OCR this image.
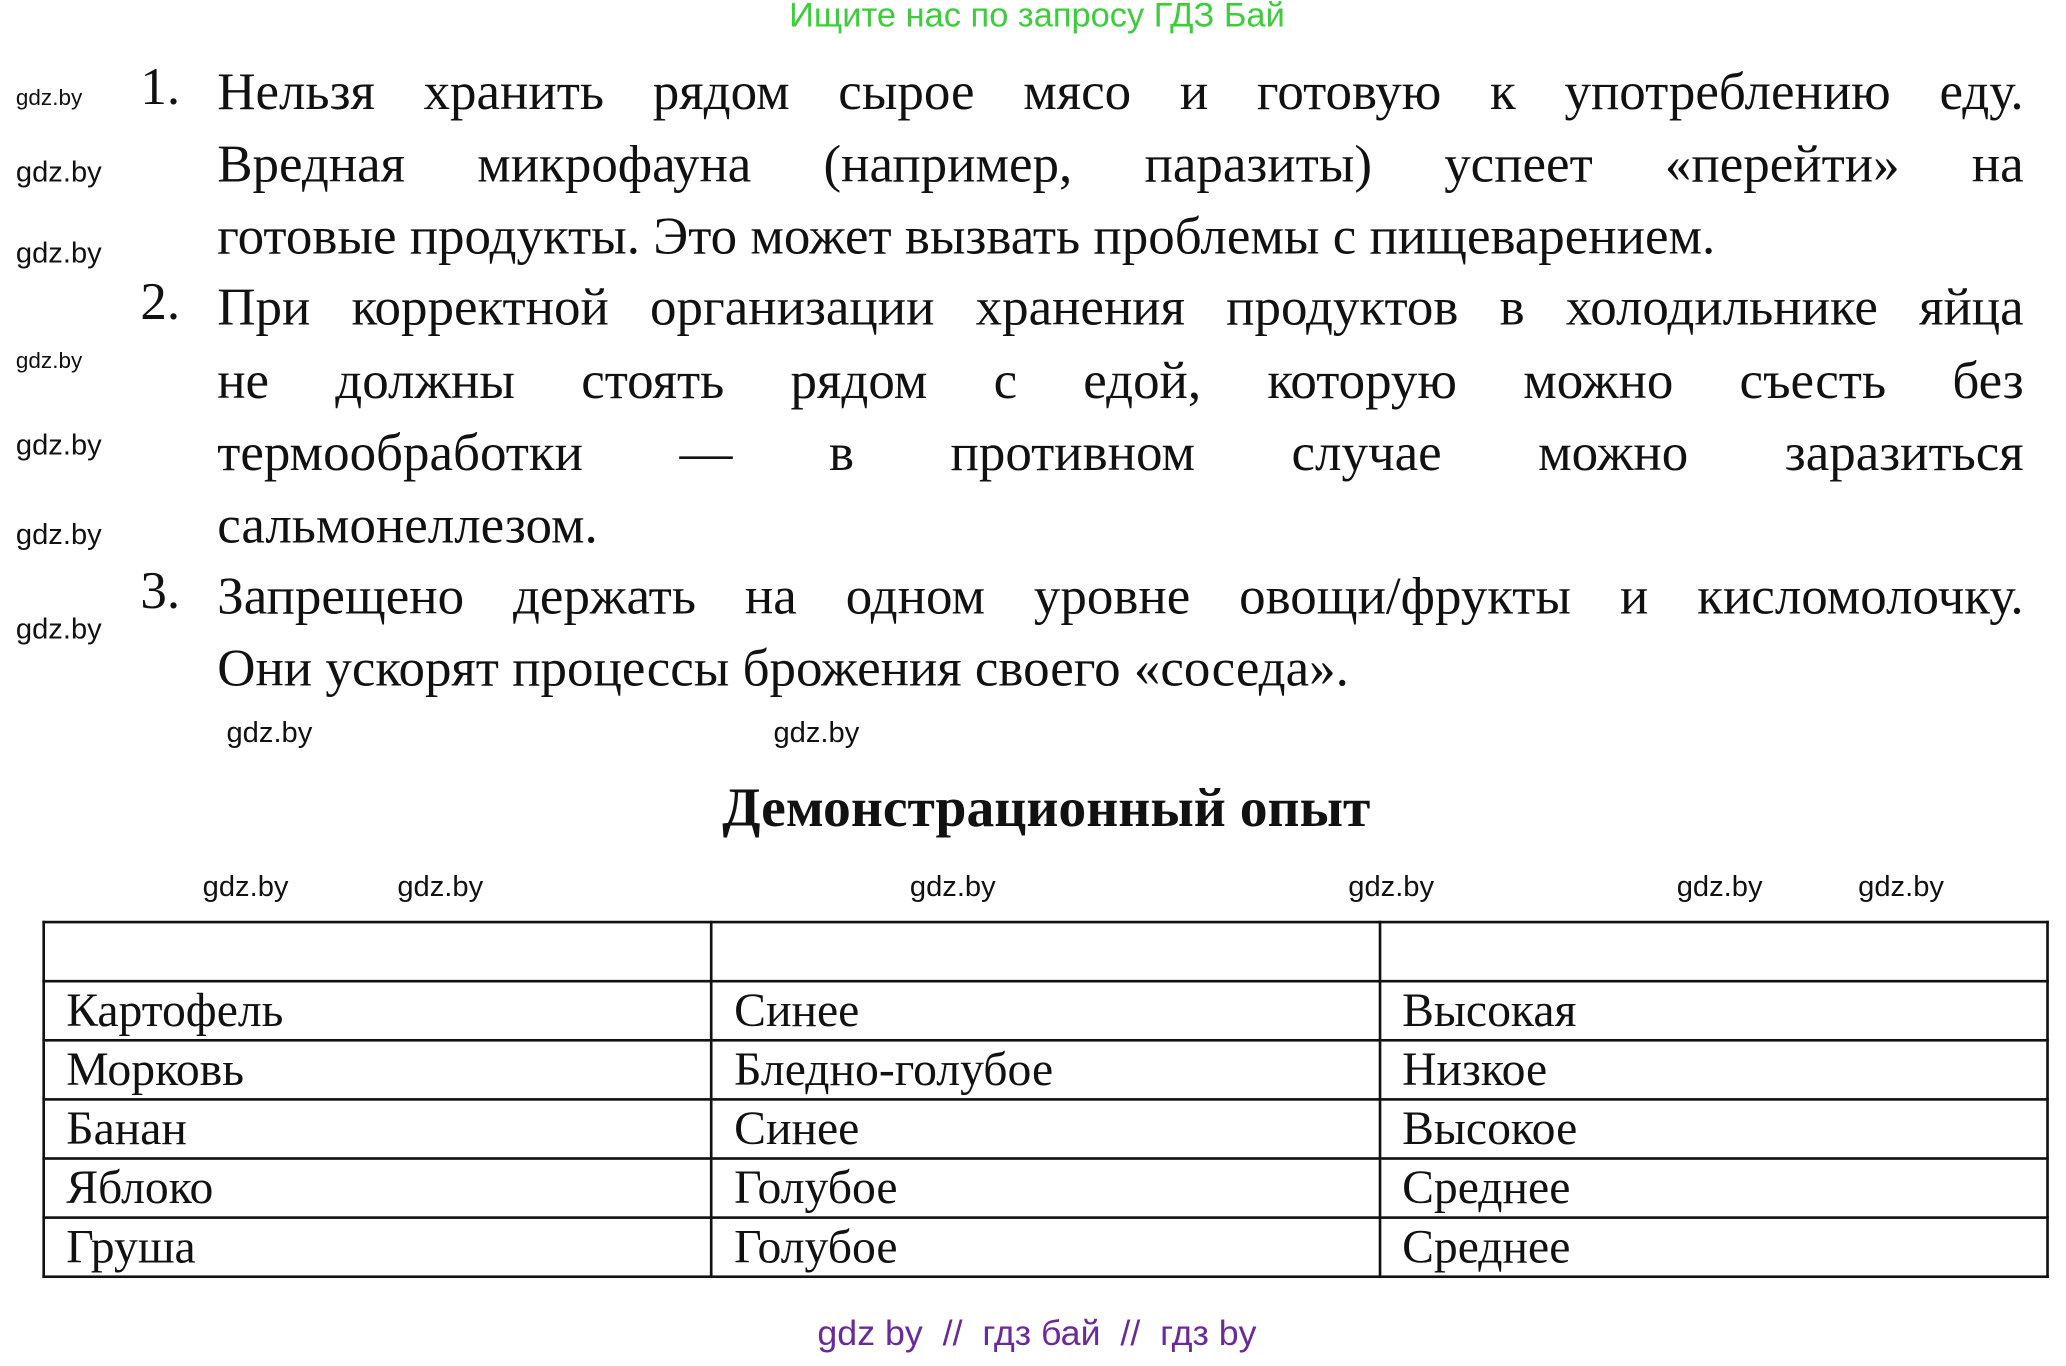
Ищите нас по запросу ГДЗ Бай
1. Нельзя хранить рядом сырое мясо и готовую к употреблению еду.
Вредная микрофауна (например, паразиты) успеет «перейти» на
готовые продукты. Это может вызвать проблемы с пищеварением.
2. При корректной организации хранения продуктов в холодильнике яйца
не должны стоять рядом с едой, которую можно съесть без
термообработки — в противном случае можно заразиться
сальмонеллезом.
3. Запрещено держать на одном уровне овощи/фрукты и кисломолочку.
Они ускорят процессы брожения своего «соседа».
Демонстрационный опыт

Картофель	Синее	Высокая
Морковь	Бледно-голубое	Низкое
Банан	Синее	Высокое
Яблоко	Голубое	Среднее
Груша	Голубое	Среднее
gdz.by
gdz.by
gdz.by
gdz.by
gdz.by
gdz.by
gdz.by
gdz.by
gdz.by
gdz.by
gdz.by	gdz.by
gdz.by	gdz.by
gdz.by
gdz by  //  гдз бай  //  гдз by
